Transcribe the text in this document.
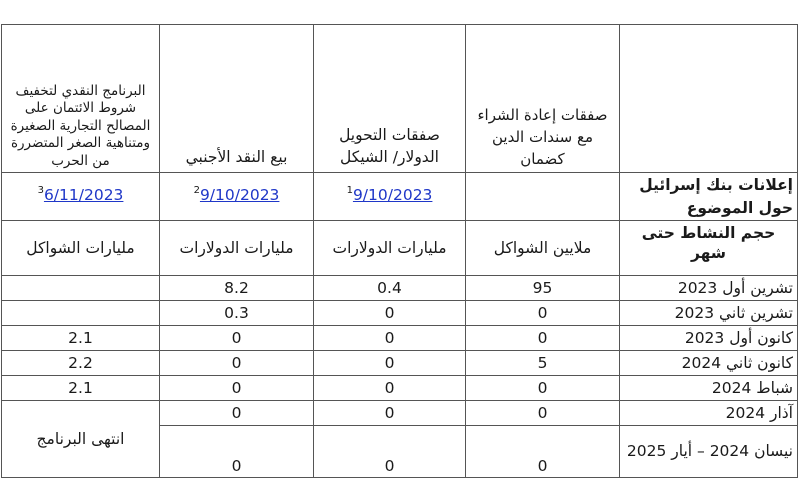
	صفقات إعادة الشراء مع سندات الدين كضمان	صفقات التحويل الدولار/ الشيكل	بيع النقد الأجنبي	البرنامج النقدي لتخفيف شروط الائتمان على المصالح التجارية الصغيرة ومتناهية الصغر المتضررة من الحرب
إعلانات بنك إسرائيل حول الموضوع		$^1$9/10/2023	$^2$9/10/2023	$^3$6/11/2023
حجم النشاط حتى شهر	ملايين الشواكل	مليارات الدولارات	مليارات الدولارات	مليارات الشواكل
تشرين أول 2023	95	0.4	8.2	
تشرين ثاني 2023	0	0	0.3	
كانون أول 2023	0	0	0	2.1
كانون ثاني 2024	5	0	0	2.2
شباط 2024	0	0	0	2.1
آذار 2024	0	0	0	انتهى البرنامج
نيسان 2024 – أيار 2025	0	0	0	
